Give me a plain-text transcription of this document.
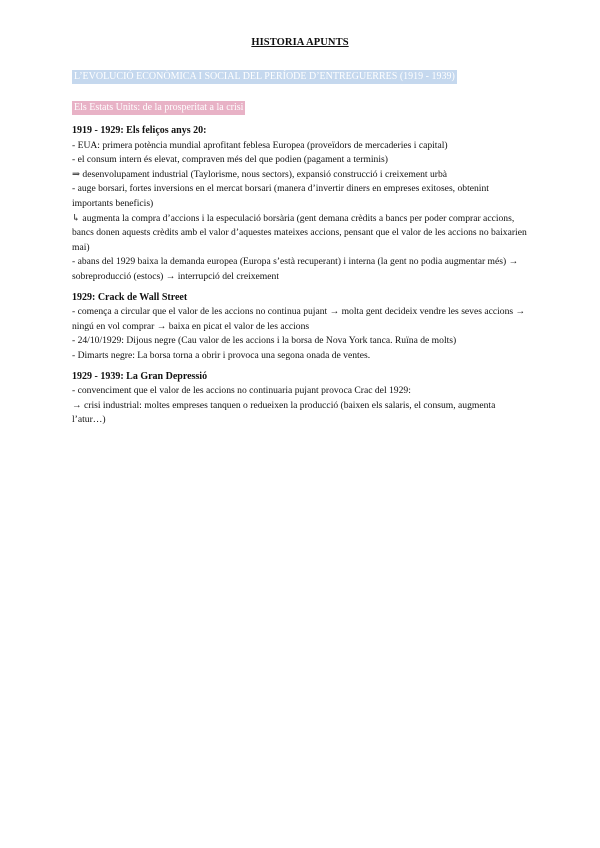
HISTORIA APUNTS
L’EVOLUCIÓ ECONÒMICA I SOCIAL DEL PERÍODE D’ENTREGUERRES (1919 - 1939)
Els Estats Units: de la prosperitat a la crisi
1919 - 1929: Els feliços anys 20:
- EUA: primera potència mundial aprofitant feblesa Europea (proveïdors de mercaderies i capital)
- el consum intern és elevat, compraven més del que podien (pagament a terminis)
⇒ desenvolupament industrial (Taylorisme, nous sectors), expansió construcció i creixement urbà
- auge borsari, fortes inversions en el mercat borsari (manera d’invertir diners en empreses exitoses, obtenint importants beneficis)
↳ augmenta la compra d’accions i la especulació borsària (gent demana crèdits a bancs per poder comprar accions, bancs donen aquests crèdits amb el valor d’aquestes mateixes accions, pensant que el valor de les accions no baixarien mai)
- abans del 1929 baixa la demanda europea (Europa s’està recuperant) i interna (la gent no podia augmentar més) → sobreproducció (estocs) → interrupció del creixement
1929: Crack de Wall Street
- comença a circular que el valor de les accions no continua pujant → molta gent decideix vendre les seves accions → ningú en vol comprar → baixa en picat el valor de les accions
- 24/10/1929: Dijous negre (Cau valor de les accions i la borsa de Nova York tanca. Ruïna de molts)
- Dimarts negre: La borsa torna a obrir i provoca una segona onada de ventes.
1929 - 1939: La Gran Depressió
- convenciment que el valor de les accions no continuaria pujant provoca Crac del 1929:
→ crisi industrial: moltes empreses tanquen o redueixen la producció (baixen els salaris, el consum, augmenta l’atur…)
